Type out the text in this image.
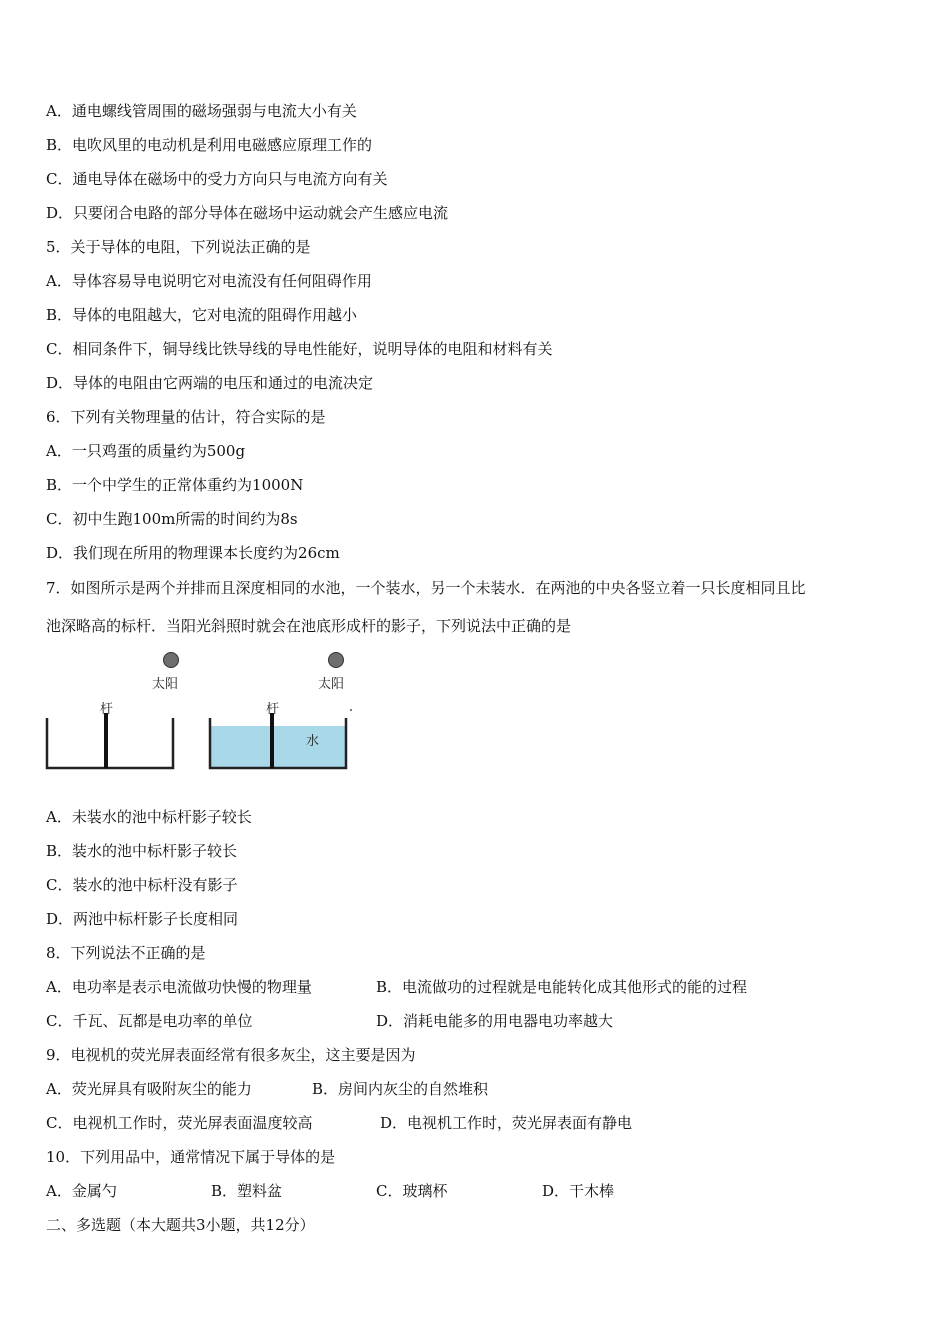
A．通电螺线管周围的磁场强弱与电流大小有关
B．电吹风里的电动机是利用电磁感应原理工作的
C．通电导体在磁场中的受力方向只与电流方向有关
D．只要闭合电路的部分导体在磁场中运动就会产生感应电流
5．关于导体的电阻，下列说法正确的是
A．导体容易导电说明它对电流没有任何阻碍作用
B．导体的电阻越大，它对电流的阻碍作用越小
C．相同条件下，铜导线比铁导线的导电性能好，说明导体的电阻和材料有关
D．导体的电阻由它两端的电压和通过的电流决定
6．下列有关物理量的估计，符合实际的是
A．一只鸡蛋的质量约为500g
B．一个中学生的正常体重约为1000N
C．初中生跑100m所需的时间约为8s
D．我们现在所用的物理课本长度约为26cm
7．如图所示是两个并排而且深度相同的水池，一个装水，另一个未装水．在两池的中央各竖立着一只长度相同且比
池深略高的标杆．当阳光斜照时就会在池底形成杆的影子，下列说法中正确的是
太阳	太阳
杆	杆
水
A．未装水的池中标杆影子较长
B．装水的池中标杆影子较长
C．装水的池中标杆没有影子
D．两池中标杆影子长度相同
8．下列说法不正确的是
A．电功率是表示电流做功快慢的物理量	B．电流做功的过程就是电能转化成其他形式的能的过程
C．千瓦、瓦都是电功率的单位	D．消耗电能多的用电器电功率越大
9．电视机的荧光屏表面经常有很多灰尘，这主要是因为
A．荧光屏具有吸附灰尘的能力	B．房间内灰尘的自然堆积
C．电视机工作时，荧光屏表面温度较高	D．电视机工作时，荧光屏表面有静电
10．下列用品中，通常情况下属于导体的是
A．金属勺	B．塑料盆	C．玻璃杯	D．干木棒
二、多选题（本大题共3小题，共12分）
